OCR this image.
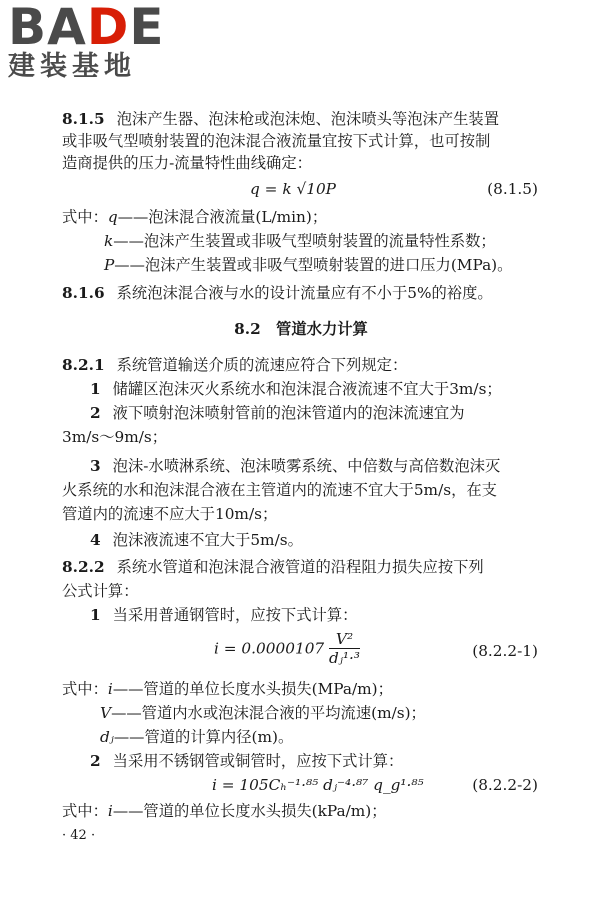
BADE
建装基地
8.1.5 泡沫产生器、泡沫枪或泡沫炮、泡沫喷头等泡沫产生装置
或非吸气型喷射装置的泡沫混合液流量宜按下式计算，也可按制
造商提供的压力-流量特性曲线确定：
q = k √10P	(8.1.5)
式中：q——泡沫混合液流量(L/min)；
k——泡沫产生装置或非吸气型喷射装置的流量特性系数；
P——泡沫产生装置或非吸气型喷射装置的进口压力(MPa)。
8.1.6 系统泡沫混合液与水的设计流量应有不小于5%的裕度。
8.2　管道水力计算
8.2.1 系统管道输送介质的流速应符合下列规定：
1 储罐区泡沫灭火系统水和泡沫混合液流速不宜大于3m/s；
2 液下喷射泡沫喷射管前的泡沫管道内的泡沫流速宜为
3m/s～9m/s；
3 泡沫-水喷淋系统、泡沫喷雾系统、中倍数与高倍数泡沫灭
火系统的水和泡沫混合液在主管道内的流速不宜大于5m/s，在支
管道内的流速不应大于10m/s；
4 泡沫液流速不宜大于5m/s。
8.2.2 系统水管道和泡沫混合液管道的沿程阻力损失应按下列
公式计算：
1 当采用普通钢管时，应按下式计算：
$i = 0.0000107 \frac{\text{V²}}{\text{dⱼ¹·³}}$	(8.2.2-1)
式中：i——管道的单位长度水头损失(MPa/m)；
V——管道内水或泡沫混合液的平均流速(m/s)；
dⱼ——管道的计算内径(m)。
2 当采用不锈钢管或铜管时，应按下式计算：
i = 105Cₕ⁻¹·⁸⁵ dⱼ⁻⁴·⁸⁷ q_g¹·⁸⁵	(8.2.2-2)
式中：i——管道的单位长度水头损失(kPa/m)；
· 42 ·
